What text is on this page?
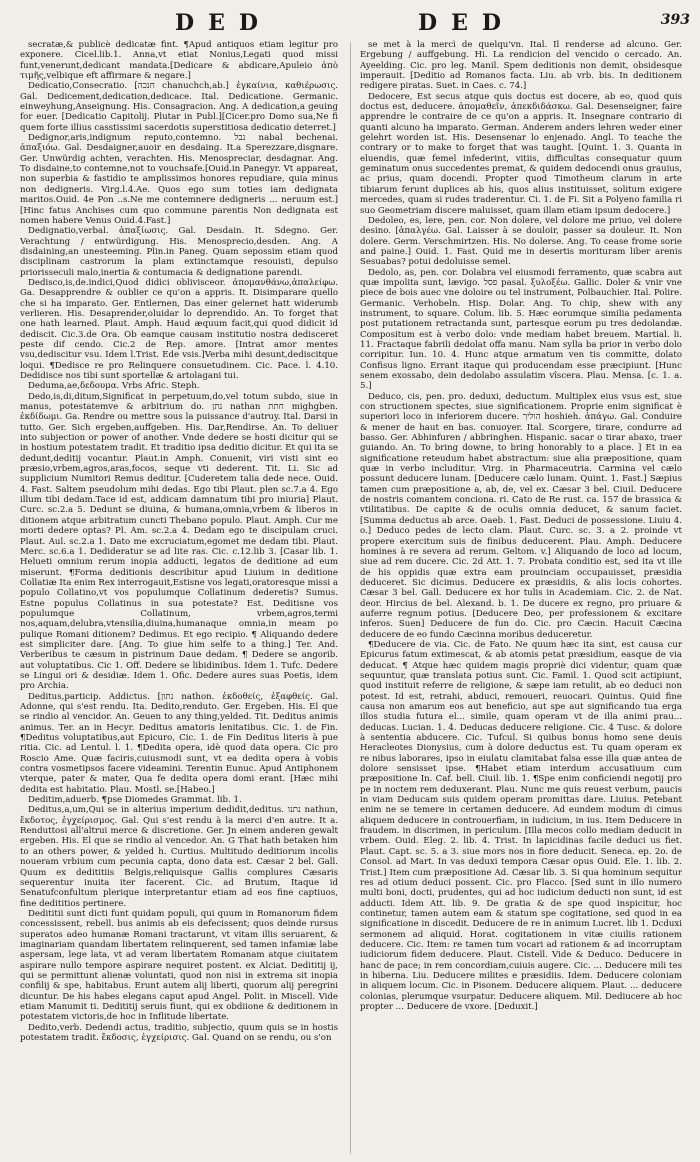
DED	DED	393

secratæ,& publicè dedicatæ fint. ¶Apud antiquos etiam legitur pro exponere. Cicel.lib.1. Anna,vt etiat Nonius,Legati quod missi funt,venerunt,dedicant mandata.[Dedicare & abdicare,Apuleio ἀπὸ τιμῆς,velbique eft affirmare & negare.]

Dedicatio,Consecratio. [חנכה chanuchch,ab.] ἐγκαίνια, καθιέρωσις. Gal. Dedicement,dedication,dedicace. Ital. Dedicatione. Germanic. einweyhung,Anseignung. His. Consagracion. Ang. A dedication,a geuing for euer. [Dedicatio Capitolij. Plutar in Publ.][Cicer.pro Domo sua,Ne fi quem forte illius casstissimi sacerdotis superstitiosa dedicatio deterret.]

Dedignor,aris,indignum reputo,contemno. נבל nabal bechenai. ἀπαξιόω. Gal. Desdaigner,auoir en desdaing. It.a Sperezzare,disgnare. Ger. Unwürdig achten, verachten. His. Menospreciar, desdagnar. Ang. To disdaine,to contemne,not to vouchsafe.[Ouid.in Panegyr. Vt appareat, non superbia & fastidio te amplissimos honores repudiare, quia minus non dedigneris. Virg.l.4.Ae. Quos ego sum toties iam dedignata maritos.Ouid. 4e Pon ..s.Ne me contemnere dedigneris ... neruum est.] [Hinc fatus Anchises cum quo commune parentis Non dedignata est nomen habere Venus Ouid.4.Fast.]

Dedignatio,verbal. ἀπαξίωσις. Gal. Desdain. It. Sdegno. Ger. Verachtung / entwürdigung. His. Menosprecio,desden. Ang. A disdaining,an unesteeming. Plin.in Paneg. Quam sepossim etiam quod disciplinam castrorum la plam extinctamque resouisti, depulso priorisseculi malo,inertia & contumacia & dedignatione parendi.

Dedisco,is,de.indici,Quod didici oblivisceor. ἀπομανθάνω,ἀπαλείφω. Ga. Desapprendre & oublier ce qu'on a appris. It. Disimparare quello che si ha imparato. Ger. Entlernen, Das einer gelernet hatt widerumb verlieren. His. Desaprender,oluidar lo deprendido. An. To forget that one hath learned. Plaut. Amph. Haud æquum facit,qui quod didicit id dediscit. Cic.3.de Ora. Ob eamque causam institutio nostra dedisceret peste dif cendo. Cic.2 de Rep. amore. [Intrat amor mentes vsu,dediscitur vsu. Idem l.Trist. Ede vsis.]Verba mihi desunt,dediscitque loqui. ¶Dedisce re pro Relinquere consuetudinem. Cic. Pace. l. 4.10. Dedidisce nos tibi sunt sportellæ & artolagani tui.

Deduma,ae,δεδουμα. Vrbs Afric. Steph.

Dedo,is,di,ditum,Significat in perpetuum,do,vel totum subdo, siue in manus, potestatemve & arbitrium do. נתן nathan חתת mighgben. ἐκδίδωμι. Ga. Rendre ou mettre sous la puissance d'autruy. Ital. Darsi in tutto. Ger. Sich ergeben,auffgeben. His. Dar,Rendirse. An. To deliuer into subjection or power of another. Vnde dedere se hosti dicitur qui se in hostium potestatem tradit. Et traditio ipsa deditio dicitur. Et qui ita se dedunt,deditij vocantur. Plaut.in Amph. Conuenit, viri visti sint eo præsio,vrbem,agros,aras,focos, seque vti dederent. Tit. Li. Sic ad supplicium Numitori Remus deditur. [Cuderetem talia dede nece. Ouid. 4. Fast. Saltem pseudolum mihi dedas. Ego tibi Plaut. plen sc.7.a 4. Ego illum tibi dedam.Tace id est, addicam damnatum tibi pro iniuria] Plaut. Curc. sc.2.a 5. Dedunt se diuina, & humana,omnia,vrbem & liberos in ditionem atque arbitratum cuncti Thebano populo. Plaut. Amph. Cur me morti dedere optas? Pl. Am. sc.2.a 4. Dedam ego te discipulam cruci. Plaut. Aul. sc.2.a 1. Dato me excruciatum,egomet me dedam tibi. Plaut. Merc. sc.6.a 1. Dedideratur se ad lite ras. Cic. c.12.lib 3. [Casar lib. 1. Helueti omnium rerum inopia adducti, legatos de deditione ad eum miserunt. ¶Forma deditionis describitur apud Liuium in deditione Collatiæ Ita enim Rex interrogauit,Estisne vos legati,oratoresque missi a populo Collatino,vt vos populumque Collatinum dederetis? Sumus. Estne populus Collatinus in sua potestate? Est. Deditisne vos populumque Collatinum, vrbem,agros,termi nos,aquam,delubra,vtensilia,diuina,humanaque omnia,in meam po pulique Romani ditionem? Dedimus. Et ego recipio. ¶ Aliquando dedere est simpliciter dare. [Ang. To giue him selfe to a thing.] Ter. And. Verberibus te cæsum in pistrinum Daue dedam. ¶ Dedere se angorib. aut voluptatibus. Cic 1. Off. Dedere se libidinibus. Idem 1. Tufc. Dedere se Lingui ori & desidiæ. Idem 1. Ofic. Dedere aures suas Poetis, idem pro Archia.

Deditus,particip. Addictus. [נתון nathon. ἐκδοθείς, ἐξαφθείς. Gal. Adonne, qui s'est rendu. Ita. Dedito,renduto. Ger. Ergeben. His. El que se rindio al vencidor. An. Geuen to any thing,yelded. Tit. Deditus animis animus. Ter. an in Hecyr. Deditus amatoris lenitatibus. Cic. 1. de Fin. ¶Deditus voluptatibus,aut Epicuro, Cic. 1. de Fin Deditus literis à pue ritia. Cic. ad Lentul. l. 1. ¶Dedita opera, idè quod data opera. Cic pro Roscio Ame. Quæ faciris,cuiusmodi sunt, vt ea dedita opera à vobis contra vosmetipsos facere videamini. Terentin Eunuc. Apud Antiphonem vterque, pater & mater, Qua fe dedita opera domi erant. [Hæc mihi dedita est habitatio. Plau. Mostl. se.[Habeo.]

Deditim,aduerb. ¶pse Diomedes Grammat. lib. 1.

Deditus,a,um,Qui se in alterius imperium dedidit,deditus. נתנו nathun, ἔκδοτος, ἐγχείρισμος. Gal. Qui s'est rendu à la merci d'en autre. It a. Renduttosi all'altrui merce & discretione. Ger. Jn einem anderen gewalt ergeben. His. El que se rindio al vencedor. An. G That hath betaken him to an others power, & yelded h. Curtius. Multitudo deditiorum incolis noueram vrbium cum pecunia capta, dono data est. Cæsar 2 bel. Gall. Quum ex dedititiis Belgis,reliquisque Gallis complures Cæsaris sequerentur inuita iter facerent. Cic. ad Brutum, Itaque id Senatufconfultum plerique interpretantur etiam ad eos fine captiuos, fine dedititios pertinere.

Dedititii sunt dicti funt quidam populi, qui quum in Romanorum fidem concessissent, rebell. bus animis ab eis defecissent; quos deinde rursus superatos adeo humanæ Romani tractarunt, vt vitam illis seruarent, & imaginariam quandam libertatem relinquerent, sed tamen infamiæ labe aspersam, lege lata, vt ad veram libertatem Romanam atque ciuitatem aspirare nullo tempore aspirare nequiret postent. ex Alciat. Dedititij ij, qui se permittunt alienæ voluntati, quod non nisi in extrema sit inopia confilij & spe, habitabus. Erunt autem alij liberti, quorum alij peregrini dicuntur. De his habes elegans caput apud Angel. Polit. in Miscell. Vide etiam Manumit ti. Dedititij seruis fiunt, qui ex obdiione & deditionem in potestatem victoris,de hoc in Inflitude libertate.

Dedito,verb. Dedendi actus, traditio, subjectio, quum quis se in hostis potestatem tradit. ἔκδοσις, ἐγχείρισις. Gal. Quand on se rendu, ou s'on

se met à la mercì de quelqu'vn. Ital. Il renderse ad alcuno. Ger. Ergebung / auffgebung. Hi. La rendicion del vencido o cercado. An. Ayeelding. Cic. pro leg. Manil. Spem deditionis non demit, obsidesque imperauit. [Deditio ad Romanos facta. Liu. ab vrb. bis. In deditionem redigere piratas. Suet. in Caes. c. 74.]

Dedocere, Est secus atque quis doctus est docere, ab eo, quod quis doctus est, deducere. ἀπομαθεῖν, ἀπεκδιδάσκω. Gal. Desenseigner, faire apprendre le contraire de ce qu'on a appris. It. Insegnare contrario di quanti alcuno ha imparato. German. Anderem anders lehren weder einer gelehrt worden ist. His. Desensenar lo enjenado. Angl. To teache the contrary or to make to forget that was taught. [Quint. 1. 3. Quanta in eluendis, quæ femel infederint, vitiis, difficultas consequatur quum geminatum onus succedentes premat, & quidem dedocendi onus grauius, ac prius, quam docendi. Propter quod Timotheum clarum in arte tibiarum ferunt duplices ab his, quos alius instituisset, solitum exigere mercedes, quam si rudes traderentur. Ci. 1. de Fi. Sit a Polyeno familia ri suo Geometriam discere maluisset, quam illam etiam ipsum dedocere.]

Dedoleo, es, lere, pen. cor. Non dolere, vel dolore me priuo, vel dolere desino. [ἀπαλγέω. Gal. Laisser à se douloir, passer sa douleur. It. Non dolere. Germ. Verschmirtzen. His. No dolerse. Ang. To cease frome sorie and paine.] Ouid. 1. Fast. Quid me in desertis morituram liber arenis Sesuabas? potui dedoluisse semel.

Dedolo, as, pen. cor. Dolabra vel eiusmodi ferramento, quæ scabra aut quæ impolita sunt, lævigo. פסל pasal. ξυλοξέω. Gallic. Doler & vnir vne piece de bois auec vne doloire ou tel instrument, Polbauchier. Ital. Polire. Germanic. Verhobeln. Hisp. Dolar. Ang. To chip, shew with any instrument, to square. Colum. lib. 5. Hæc eorumque similia pedamenta post putationem retractanda sunt, partesque eorum pu tres dedolandæ. Compositum est à verbo dolo: vnde mediam habet breuem. Martial. li. 11. Fractaque fabrili dedolat offa manu. Nam sylla ba prior in verbo dolo corripitur. Iun. 10. 4. Hunc atque armatum ven tis committe, dolato Confisus ligno. Errant itaque qui producendam esse præcipiunt. [Hunc senem exossabo, dein dedolabo assulatim vîscera. Plau. Mensa. [c. 1. a. 5.]

Deduco, cis, pen. pro. deduxi, deductum. Multiplex eius vsus est, siue con structionem spectes, siue significationem. Proprie enim significat è superiori loco in inferiorem ducere. הוליך hoshieh. ἀπάγω. Gal. Conduire & mener de haut en bas. conuoyer. Ital. Scorgere, tirare, condurre ad basso. Ger. Abhinfuren / abbringhen. Hispanic. sacar o tirar abaxo, traer guiando. An. To bring downe, to bring honorably to a place. ] Et in ea significatione reteudum habet abstractum: siue alia præpositione, quam quæ in verbo includitur. Virg. in Pharmaceutria. Carmina vel cælo possunt deducere lunam. [Deducere cælo lunam. Quint. 1. Fast.] Sæpius tamen cum præpositione a, ab, de, vel ex. Cæsar 3 bel. Ciuil. Deducere de nostris comantem conciona. ri. Cato de Re rust. ca. 157 de brassica & vtilitatibus. De capite & de oculis omnia deducet, & sanum faciet. [Summa deductus ab arce. Oaeb. 1. Fast. Deduci de possessione. Liuiu 4. o.] Deduco pedes de lecto clam. Plaut. Curc. sc. 3. a 2. proinde vt propere exercitum suis de finibus deducerent. Plau. Amph. Deducere homines à re severa ad rerum. Geltom. v.] Aliquando de loco ad locum, siue ad rem ducere. Cic. 2d Att. 1. 7. Probata conditio est, sed ita vt ille de his oppidis quæ extra eam prouinciam occupauisset, præsidia deduceret. Sic dicimus. Deducere ex præsidiis, & alis locis cohortes. Cæsar 3 bel. Gall. Deducere ex hor tulis in Academiam. Cic. 2. de Nat. deor. Hircius de bel. Alexand. b. 1. De ducere ex regno, pro priuare & auferre regnum potius. [Deducere Deo, per professionem & excitare inferos. Suen] Deducere de fun do. Cic. pro Cæcin. Hacuit Cæcina deducere de eo fundo Cæcinna moribus deduceretur.

¶Deducere de via. Cic. de Fato. Ne quum hæc ita sint, est causa cur Epicurus fatum extimescat, & ab atomis petat præsidium, easque de via deducat. ¶ Atque hæc quidem magis propriè dici videntur, quam quæ sequuntur, quæ translata potius sunt. Cic. Famil. 1. Quod scit actipiunt, quod instituit referre de religione, & sæpe iam retulit, ab eo deduci non potest. Id est, retrahi, abduci, remoueri, reuocari. Quintus. Quid fine causa non amarum eos aut beneficio, aut spe aut significando tua erga illos studia futura el... simile, quam operam vt de illa animi prau... deducas. Lucian. 1. 4. Deducas deducere religione. Cic. 4 Tusc. & dolore à sententia abducere. Cic. Tufcul. Si quibus bonus homo sene deuis Heracleotes Dionysius, cum à dolore deductus est. Tu quam operam ex re nibus laborares, ipso in eiulatu clamitabat falsa esse illa quæ antea de dolore sensisset ipse. ¶Habet etiam interdum accusatiuum cum præpositione In. Caf. bell. Ciuil. lib. 1. ¶Spe enim conficiendi negotij pro pe in noctem rem deduxerant. Plau. Nunc me quis reuest verbum, paucis in viam Deducam suis quidem operam promittas dare. Liuius. Petebant enim ne se temere in certamen deducere. Ad eundem modum di cimus aliquem deducere in controuerfiam, in iudicium, in ius. Item Deducere in fraudem. in discrimen, in periculum. [Illa mecos collo mediam deducit in vrbem. Ouid. Eleg. 2. lib. 4. Trist. In lapicidinas facile deduci us fiet. Plaut. Capt. sc. 5. a 3. siue mors nos in fiore deducit. Seneca. ep. 2o. de Consol. ad Mart. In vas deduxi tempora Cæsar opus Ouid. Ele. 1. lib. 2. Trist.] Item cum præpositione Ad. Cæsar lib. 3. Si qua hominum sequitur res ad otium deduci possent. Cic. pro Flacco. [Sed sunt in illo numero multi boni, docti, prudentes, qui ad hoc iudicium deducti non sunt, id est adducti. Idem Att. lib. 9. De gratia & de spe quod inspicitur, hoc continetur, tamen autem eam & statum spe cogitatione, sed quod in ea significatione in discedit. Deducere de re in animum Lucret. lib 1. Dcduxi sermonem ad aliquid. Horat. cogitationem in vitæ ciuilis rationem deducere. Cic. Item: re tamen tum vocari ad rationem & ad incorruptam iudiciorum fidem deducere. Plaut. Cistell. Vide & Deduco. Deducere in hanc de pace; in rem concordiam,cuiuis augere. Cic. ... Deducere mili tes in hiberna. Liu. Deducere milites e præsidiis. Idem. Deducere coloniam in aliquem locum. Cic. in Pisonem. Deducere aliquem. Plaut. ... deducere colonias, plerumque vsurpatur. Deducere aliquem. Mil. Dediucere ab hoc propter ... Deducere de vxore. [Deduxit.]
